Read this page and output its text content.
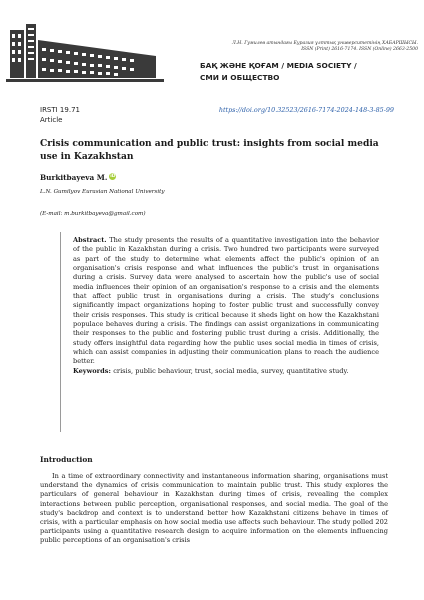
Л.Н. Гумилев атындағы Еуразия ұлттық университетінің ХАБАРШЫСЫ.
ISSN (Print) 2616-7174. ISSN (Online) 2663-2500
БАҚ ЖӘНЕ ҚОҒАМ / MEDIA SOCIETY /
СМИ И ОБЩЕСТВО
IRSTI 19.71
Article
https://doi.org/10.32523/2616-7174-2024-148-3-85-99
Crisis communication and public trust: insights from social media use in Kazakhstan
Burkitbayeva M. iD
L.N. Gumilyov Eurasian National University
(E-mail: m.burkitbayeva@gmail.com)
Abstract. The study presents the results of a quantitative investigation into the behavior of the public in Kazakhstan during a crisis. Two hundred two participants were surveyed as part of the study to determine what elements affect the public's opinion of an organisation's crisis response and what influences the public's trust in organisations during a crisis. Survey data were analysed to ascertain how the public's use of social media influences their opinion of an organisation's response to a crisis and the elements that affect public trust in organisations during a crisis. The study's conclusions significantly impact organizations hoping to foster public trust and successfully convey their crisis responses. This study is critical because it sheds light on how the Kazakhstani populace behaves during a crisis. The findings can assist organizations in communicating their responses to the public and fostering public trust during a crisis. Additionally, the study offers insightful data regarding how the public uses social media in times of crisis, which can assist companies in adjusting their communication plans to reach the audience better.
Keywords: crisis, public behaviour, trust, social media, survey, quantitative study.
Introduction
In a time of extraordinary connectivity and instantaneous information sharing, organisations must understand the dynamics of crisis communication to maintain public trust. This study explores the particulars of general behaviour in Kazakhstan during times of crisis, revealing the complex interactions between public perception, organisational responses, and social media. The goal of the study's backdrop and context is to understand better how Kazakhstani citizens behave in times of crisis, with a particular emphasis on how social media use affects such behaviour. The study polled 202 participants using a quantitative research design to acquire information on the elements influencing public perceptions of an organisation's crisis
